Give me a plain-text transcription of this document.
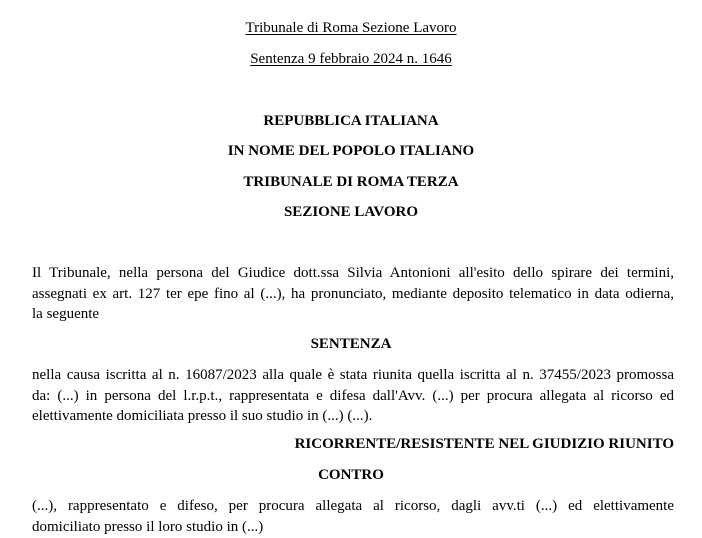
Tribunale di Roma Sezione Lavoro
Sentenza 9 febbraio 2024 n. 1646
REPUBBLICA ITALIANA
IN NOME DEL POPOLO ITALIANO
TRIBUNALE DI ROMA TERZA
SEZIONE LAVORO
Il Tribunale, nella persona del Giudice dott.ssa Silvia Antonioni all'esito dello spirare dei termini,
assegnati ex art. 127 ter epe fino al (...), ha pronunciato, mediante deposito telematico in data odierna,
la seguente
SENTENZA
nella causa iscritta al n. 16087/2023 alla quale è stata riunita quella iscritta al n. 37455/2023 promossa
da: (...) in persona del l.r.p.t., rappresentata e difesa dall'Avv. (...) per procura allegata al ricorso ed
elettivamente domiciliata presso il suo studio in (...) (...).
RICORRENTE/RESISTENTE NEL GIUDIZIO RIUNITO
CONTRO
(...), rappresentato e difeso, per procura allegata al ricorso, dagli avv.ti (...) ed elettivamente
domiciliato presso il loro studio in (...)
